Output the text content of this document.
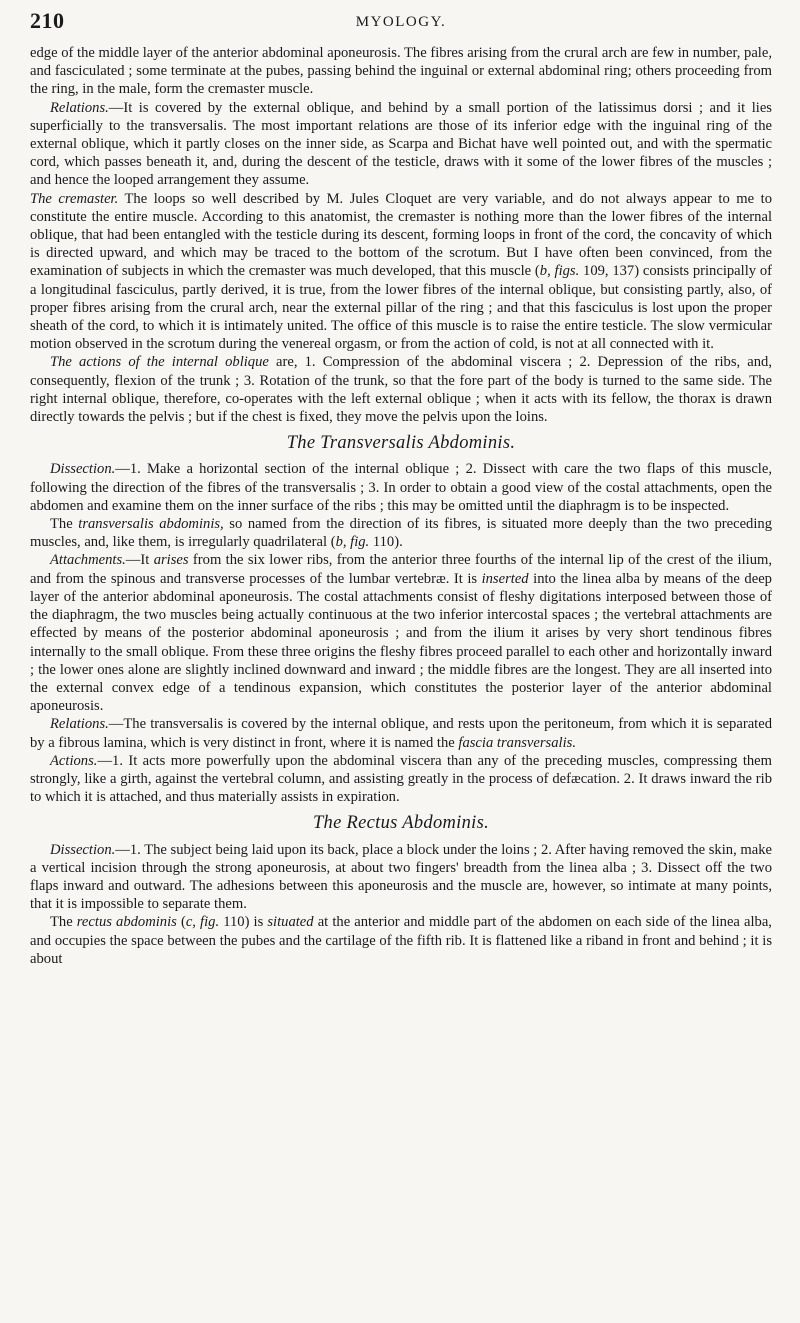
210	MYOLOGY.

edge of the middle layer of the anterior abdominal aponeurosis. The fibres arising from the crural arch are few in number, pale, and fasciculated ; some terminate at the pubes, passing behind the inguinal or external abdominal ring; others proceeding from the ring, in the male, form the cremaster muscle.

Relations.—It is covered by the external oblique, and behind by a small portion of the latissimus dorsi ; and it lies superficially to the transversalis. The most important relations are those of its inferior edge with the inguinal ring of the external oblique, which it partly closes on the inner side, as Scarpa and Bichat have well pointed out, and with the spermatic cord, which passes beneath it, and, during the descent of the testicle, draws with it some of the lower fibres of the muscles ; and hence the looped arrangement they assume.

The cremaster. The loops so well described by M. Jules Cloquet are very variable, and do not always appear to me to constitute the entire muscle. According to this anatomist, the cremaster is nothing more than the lower fibres of the internal oblique, that had been entangled with the testicle during its descent, forming loops in front of the cord, the concavity of which is directed upward, and which may be traced to the bottom of the scrotum. But I have often been convinced, from the examination of subjects in which the cremaster was much developed, that this muscle (b, figs. 109, 137) consists principally of a longitudinal fasciculus, partly derived, it is true, from the lower fibres of the internal oblique, but consisting partly, also, of proper fibres arising from the crural arch, near the external pillar of the ring ; and that this fasciculus is lost upon the proper sheath of the cord, to which it is intimately united. The office of this muscle is to raise the entire testicle. The slow vermicular motion observed in the scrotum during the venereal orgasm, or from the action of cold, is not at all connected with it.

The actions of the internal oblique are, 1. Compression of the abdominal viscera ; 2. Depression of the ribs, and, consequently, flexion of the trunk ; 3. Rotation of the trunk, so that the fore part of the body is turned to the same side. The right internal oblique, therefore, co-operates with the left external oblique ; when it acts with its fellow, the thorax is drawn directly towards the pelvis ; but if the chest is fixed, they move the pelvis upon the loins.

The Transversalis Abdominis.

Dissection.—1. Make a horizontal section of the internal oblique ; 2. Dissect with care the two flaps of this muscle, following the direction of the fibres of the transversalis ; 3. In order to obtain a good view of the costal attachments, open the abdomen and examine them on the inner surface of the ribs ; this may be omitted until the diaphragm is to be inspected.

The transversalis abdominis, so named from the direction of its fibres, is situated more deeply than the two preceding muscles, and, like them, is irregularly quadrilateral (b, fig. 110).

Attachments.—It arises from the six lower ribs, from the anterior three fourths of the internal lip of the crest of the ilium, and from the spinous and transverse processes of the lumbar vertebræ. It is inserted into the linea alba by means of the deep layer of the anterior abdominal aponeurosis. The costal attachments consist of fleshy digitations interposed between those of the diaphragm, the two muscles being actually continuous at the two inferior intercostal spaces ; the vertebral attachments are effected by means of the posterior abdominal aponeurosis ; and from the ilium it arises by very short tendinous fibres internally to the small oblique. From these three origins the fleshy fibres proceed parallel to each other and horizontally inward ; the lower ones alone are slightly inclined downward and inward ; the middle fibres are the longest. They are all inserted into the external convex edge of a tendinous expansion, which constitutes the posterior layer of the anterior abdominal aponeurosis.

Relations.—The transversalis is covered by the internal oblique, and rests upon the peritoneum, from which it is separated by a fibrous lamina, which is very distinct in front, where it is named the fascia transversalis.

Actions.—1. It acts more powerfully upon the abdominal viscera than any of the preceding muscles, compressing them strongly, like a girth, against the vertebral column, and assisting greatly in the process of defæcation. 2. It draws inward the rib to which it is attached, and thus materially assists in expiration.

The Rectus Abdominis.

Dissection.—1. The subject being laid upon its back, place a block under the loins ; 2. After having removed the skin, make a vertical incision through the strong aponeurosis, at about two fingers' breadth from the linea alba ; 3. Dissect off the two flaps inward and outward. The adhesions between this aponeurosis and the muscle are, however, so intimate at many points, that it is impossible to separate them.

The rectus abdominis (c, fig. 110) is situated at the anterior and middle part of the abdomen on each side of the linea alba, and occupies the space between the pubes and the cartilage of the fifth rib. It is flattened like a riband in front and behind ; it is about
